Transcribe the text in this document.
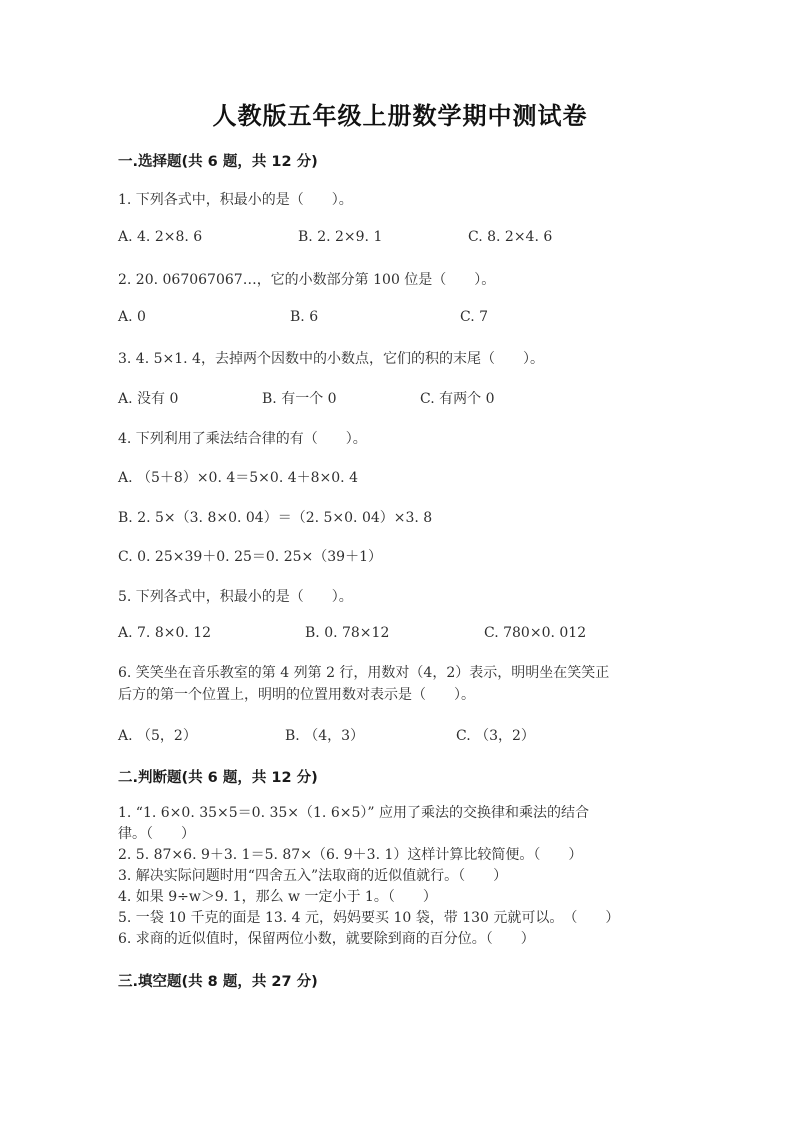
人教版五年级上册数学期中测试卷
一.选择题(共 6 题，共 12 分)
1. 下列各式中，积最小的是（　　）。
A. 4. 2×8. 6	B. 2. 2×9. 1	C. 8. 2×4. 6
2. 20. 067067067…，它的小数部分第 100 位是（　　）。
A. 0	B. 6	C. 7
3. 4. 5×1. 4，去掉两个因数中的小数点，它们的积的末尾（　　）。
A. 没有 0	B. 有一个 0	C. 有两个 0
4. 下列利用了乘法结合律的有（　　）。
A. （5＋8）×0. 4＝5×0. 4＋8×0. 4
B. 2. 5×（3. 8×0. 04）＝（2. 5×0. 04）×3. 8
C. 0. 25×39＋0. 25＝0. 25×（39＋1）
5. 下列各式中，积最小的是（　　）。
A. 7. 8×0. 12	B. 0. 78×12	C. 780×0. 012
6. 笑笑坐在音乐教室的第 4 列第 2 行，用数对（4，2）表示，明明坐在笑笑正
后方的第一个位置上，明明的位置用数对表示是（　　）。
A. （5，2）	B. （4，3）	C. （3，2）
二.判断题(共 6 题，共 12 分)
1. “1. 6×0. 35×5＝0. 35×（1. 6×5）” 应用了乘法的交换律和乘法的结合
律。（　　）
2. 5. 87×6. 9＋3. 1＝5. 87×（6. 9＋3. 1）这样计算比较简便。（　　）
3. 解决实际问题时用“四舍五入”法取商的近似值就行。（　　）
4. 如果 9÷w＞9. 1，那么 w 一定小于 1。（　　）
5. 一袋 10 千克的面是 13. 4 元，妈妈要买 10 袋，带 130 元就可以。　（　　）
6. 求商的近似值时，保留两位小数，就要除到商的百分位。（　　）
三.填空题(共 8 题，共 27 分)
